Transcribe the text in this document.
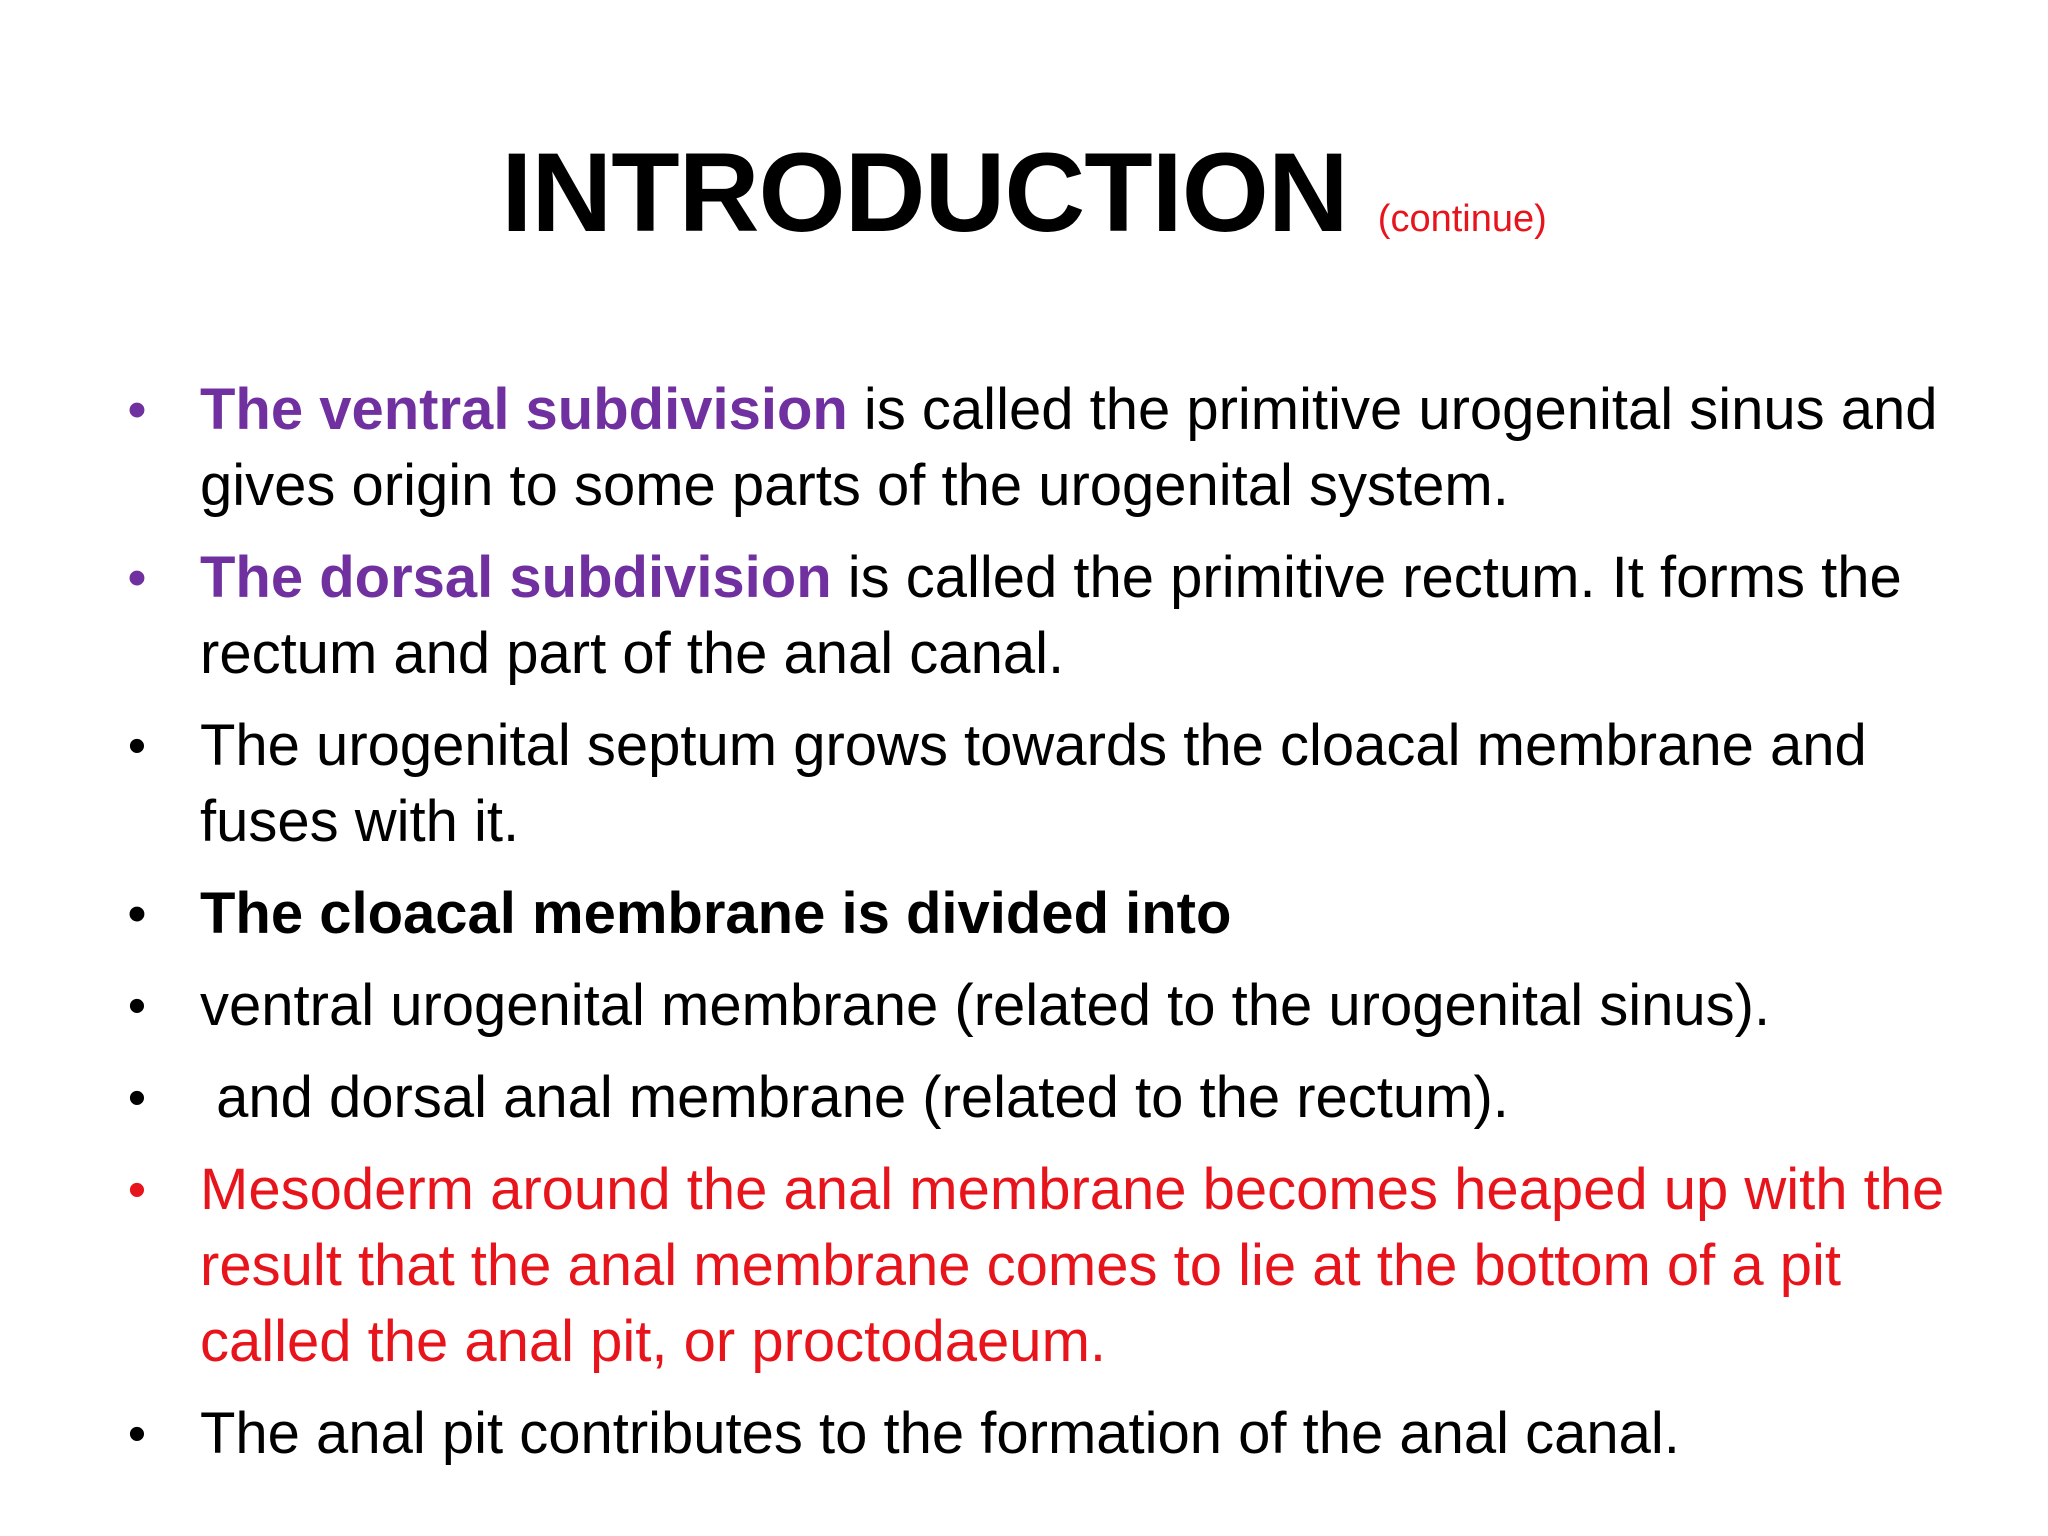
INTRODUCTION (continue)
• The ventral subdivision is called the primitive urogenital sinus and gives origin to some parts of the urogenital system.
• The dorsal subdivision is called the primitive rectum. It forms the rectum and part of the anal canal.
• The urogenital septum grows towards the cloacal membrane and fuses with it.
• The cloacal membrane is divided into
• ventral urogenital membrane (related to the urogenital sinus).
• and dorsal anal membrane (related to the rectum).
• Mesoderm around the anal membrane becomes heaped up with the result that the anal membrane comes to lie at the bottom of a pit called the anal pit, or proctodaeum.
• The anal pit contributes to the formation of the anal canal.
